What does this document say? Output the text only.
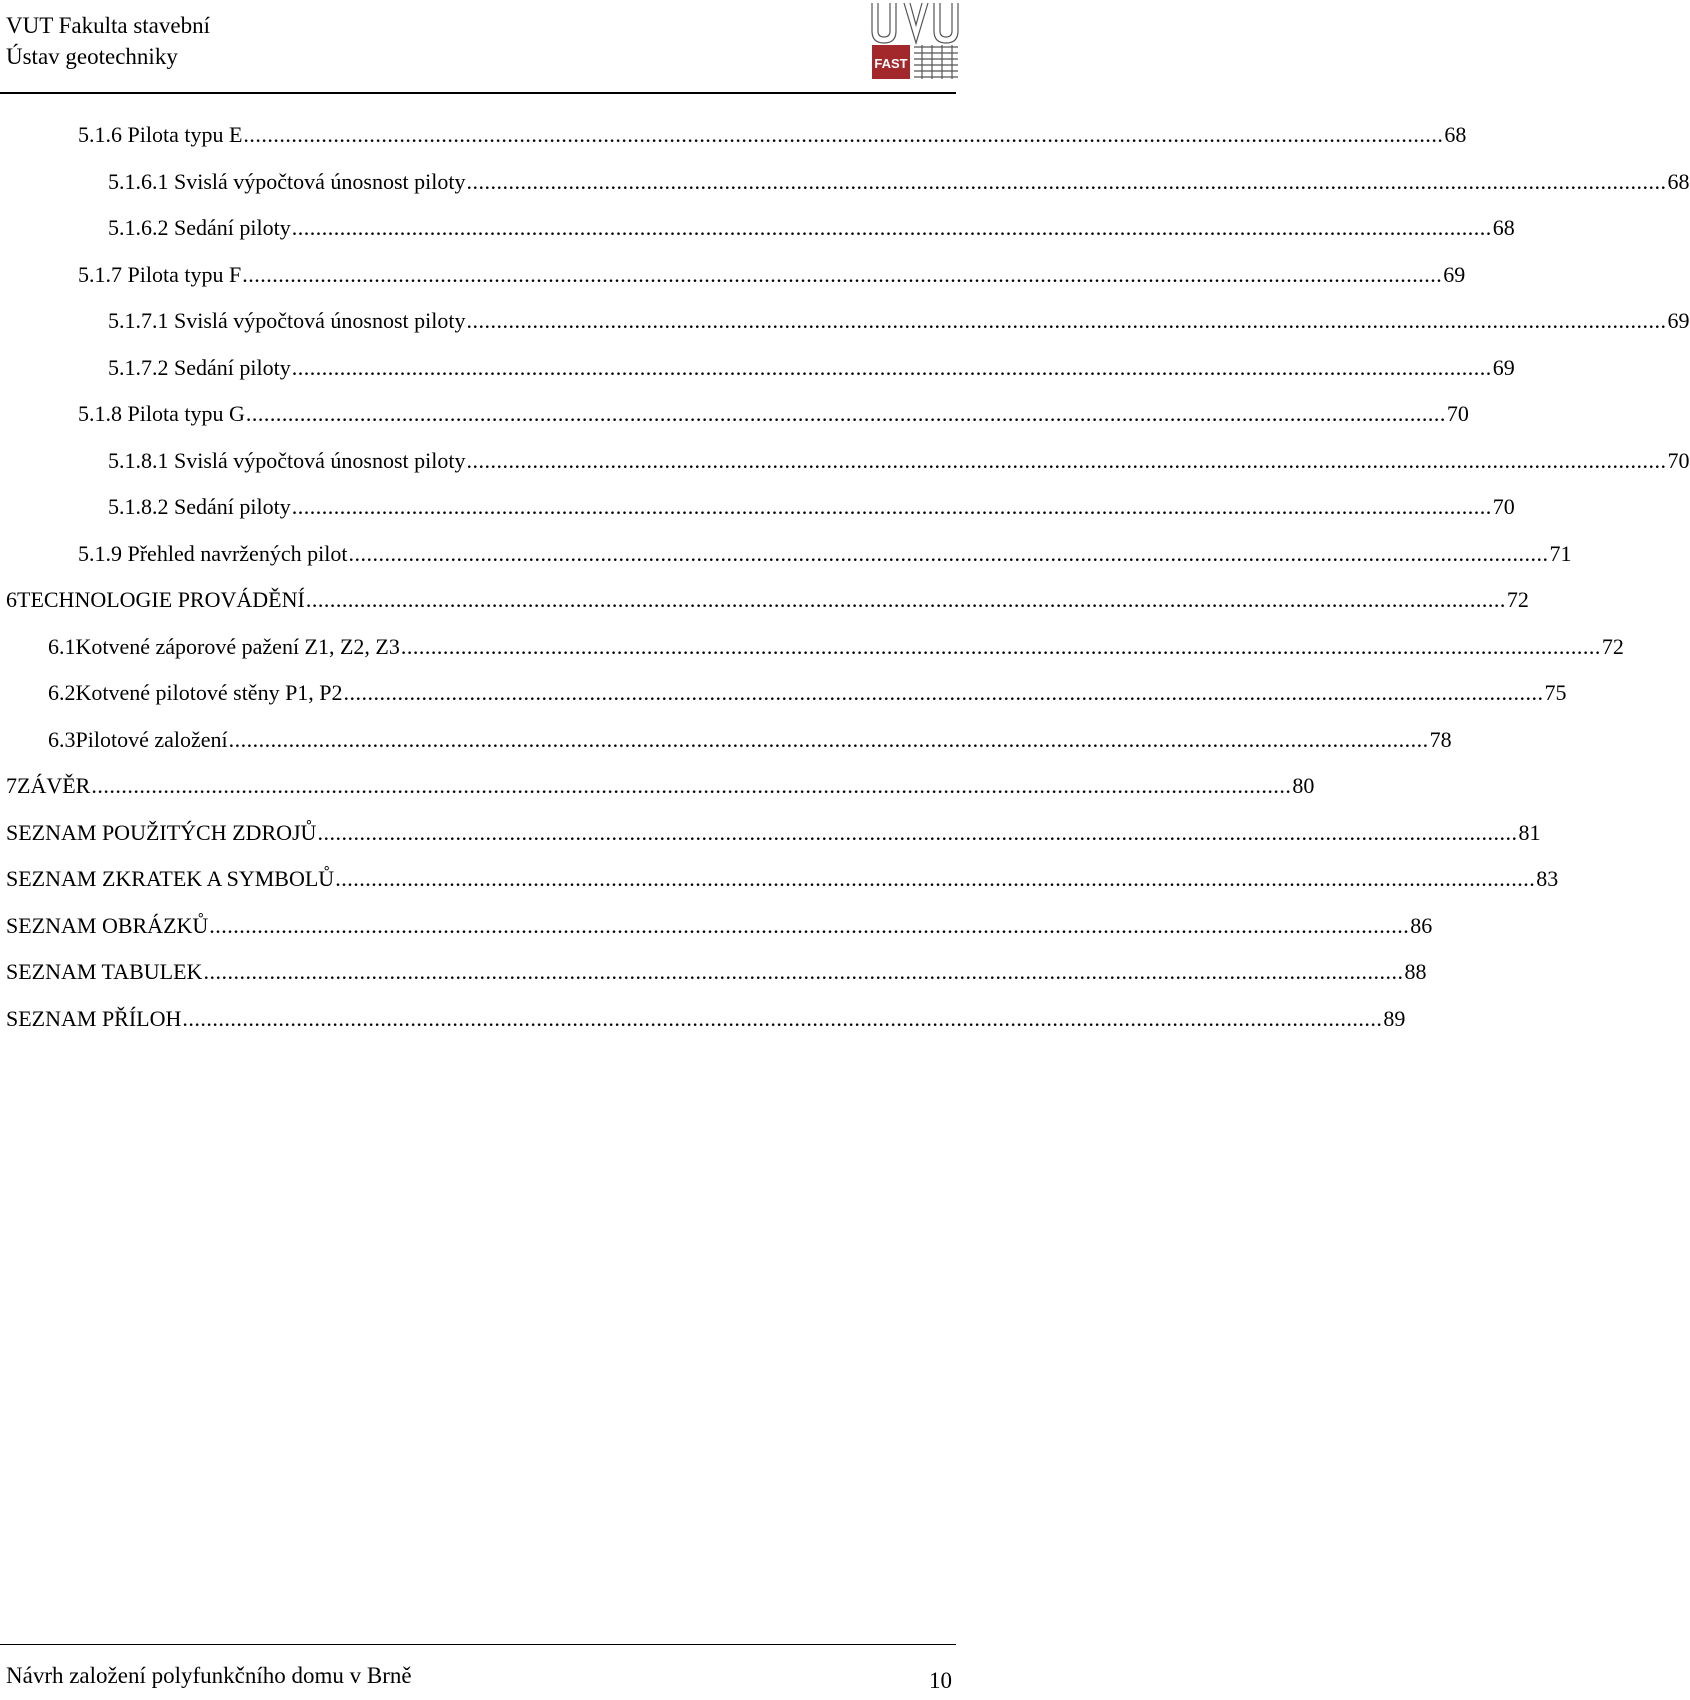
VUT Fakulta stavební
Ústav geotechniky	FAST
5.1.6 Pilota typu E ........................................................................................................................................................................................................ 68
5.1.6.1 Svislá výpočtová únosnost piloty ........................................................................................................................................................................................................ 68
5.1.6.2 Sedání piloty ........................................................................................................................................................................................................ 68
5.1.7 Pilota typu F ........................................................................................................................................................................................................ 69
5.1.7.1 Svislá výpočtová únosnost piloty ........................................................................................................................................................................................................ 69
5.1.7.2 Sedání piloty ........................................................................................................................................................................................................ 69
5.1.8 Pilota typu G ........................................................................................................................................................................................................ 70
5.1.8.1 Svislá výpočtová únosnost piloty ........................................................................................................................................................................................................ 70
5.1.8.2 Sedání piloty ........................................................................................................................................................................................................ 70
5.1.9 Přehled navržených pilot ........................................................................................................................................................................................................ 71
6 TECHNOLOGIE PROVÁDĚNÍ ........................................................................................................................................................................................................ 72
6.1 Kotvené záporové pažení Z1, Z2, Z3 ........................................................................................................................................................................................................ 72
6.2 Kotvené pilotové stěny P1, P2 ........................................................................................................................................................................................................ 75
6.3 Pilotové založení ........................................................................................................................................................................................................ 78
7 ZÁVĚR ........................................................................................................................................................................................................ 80
SEZNAM POUŽITÝCH ZDROJŮ ........................................................................................................................................................................................................ 81
SEZNAM ZKRATEK A SYMBOLŮ ........................................................................................................................................................................................................ 83
SEZNAM OBRÁZKŮ ........................................................................................................................................................................................................ 86
SEZNAM TABULEK ........................................................................................................................................................................................................ 88
SEZNAM PŘÍLOH ........................................................................................................................................................................................................ 89
Návrh založení polyfunkčního domu v Brně	10
